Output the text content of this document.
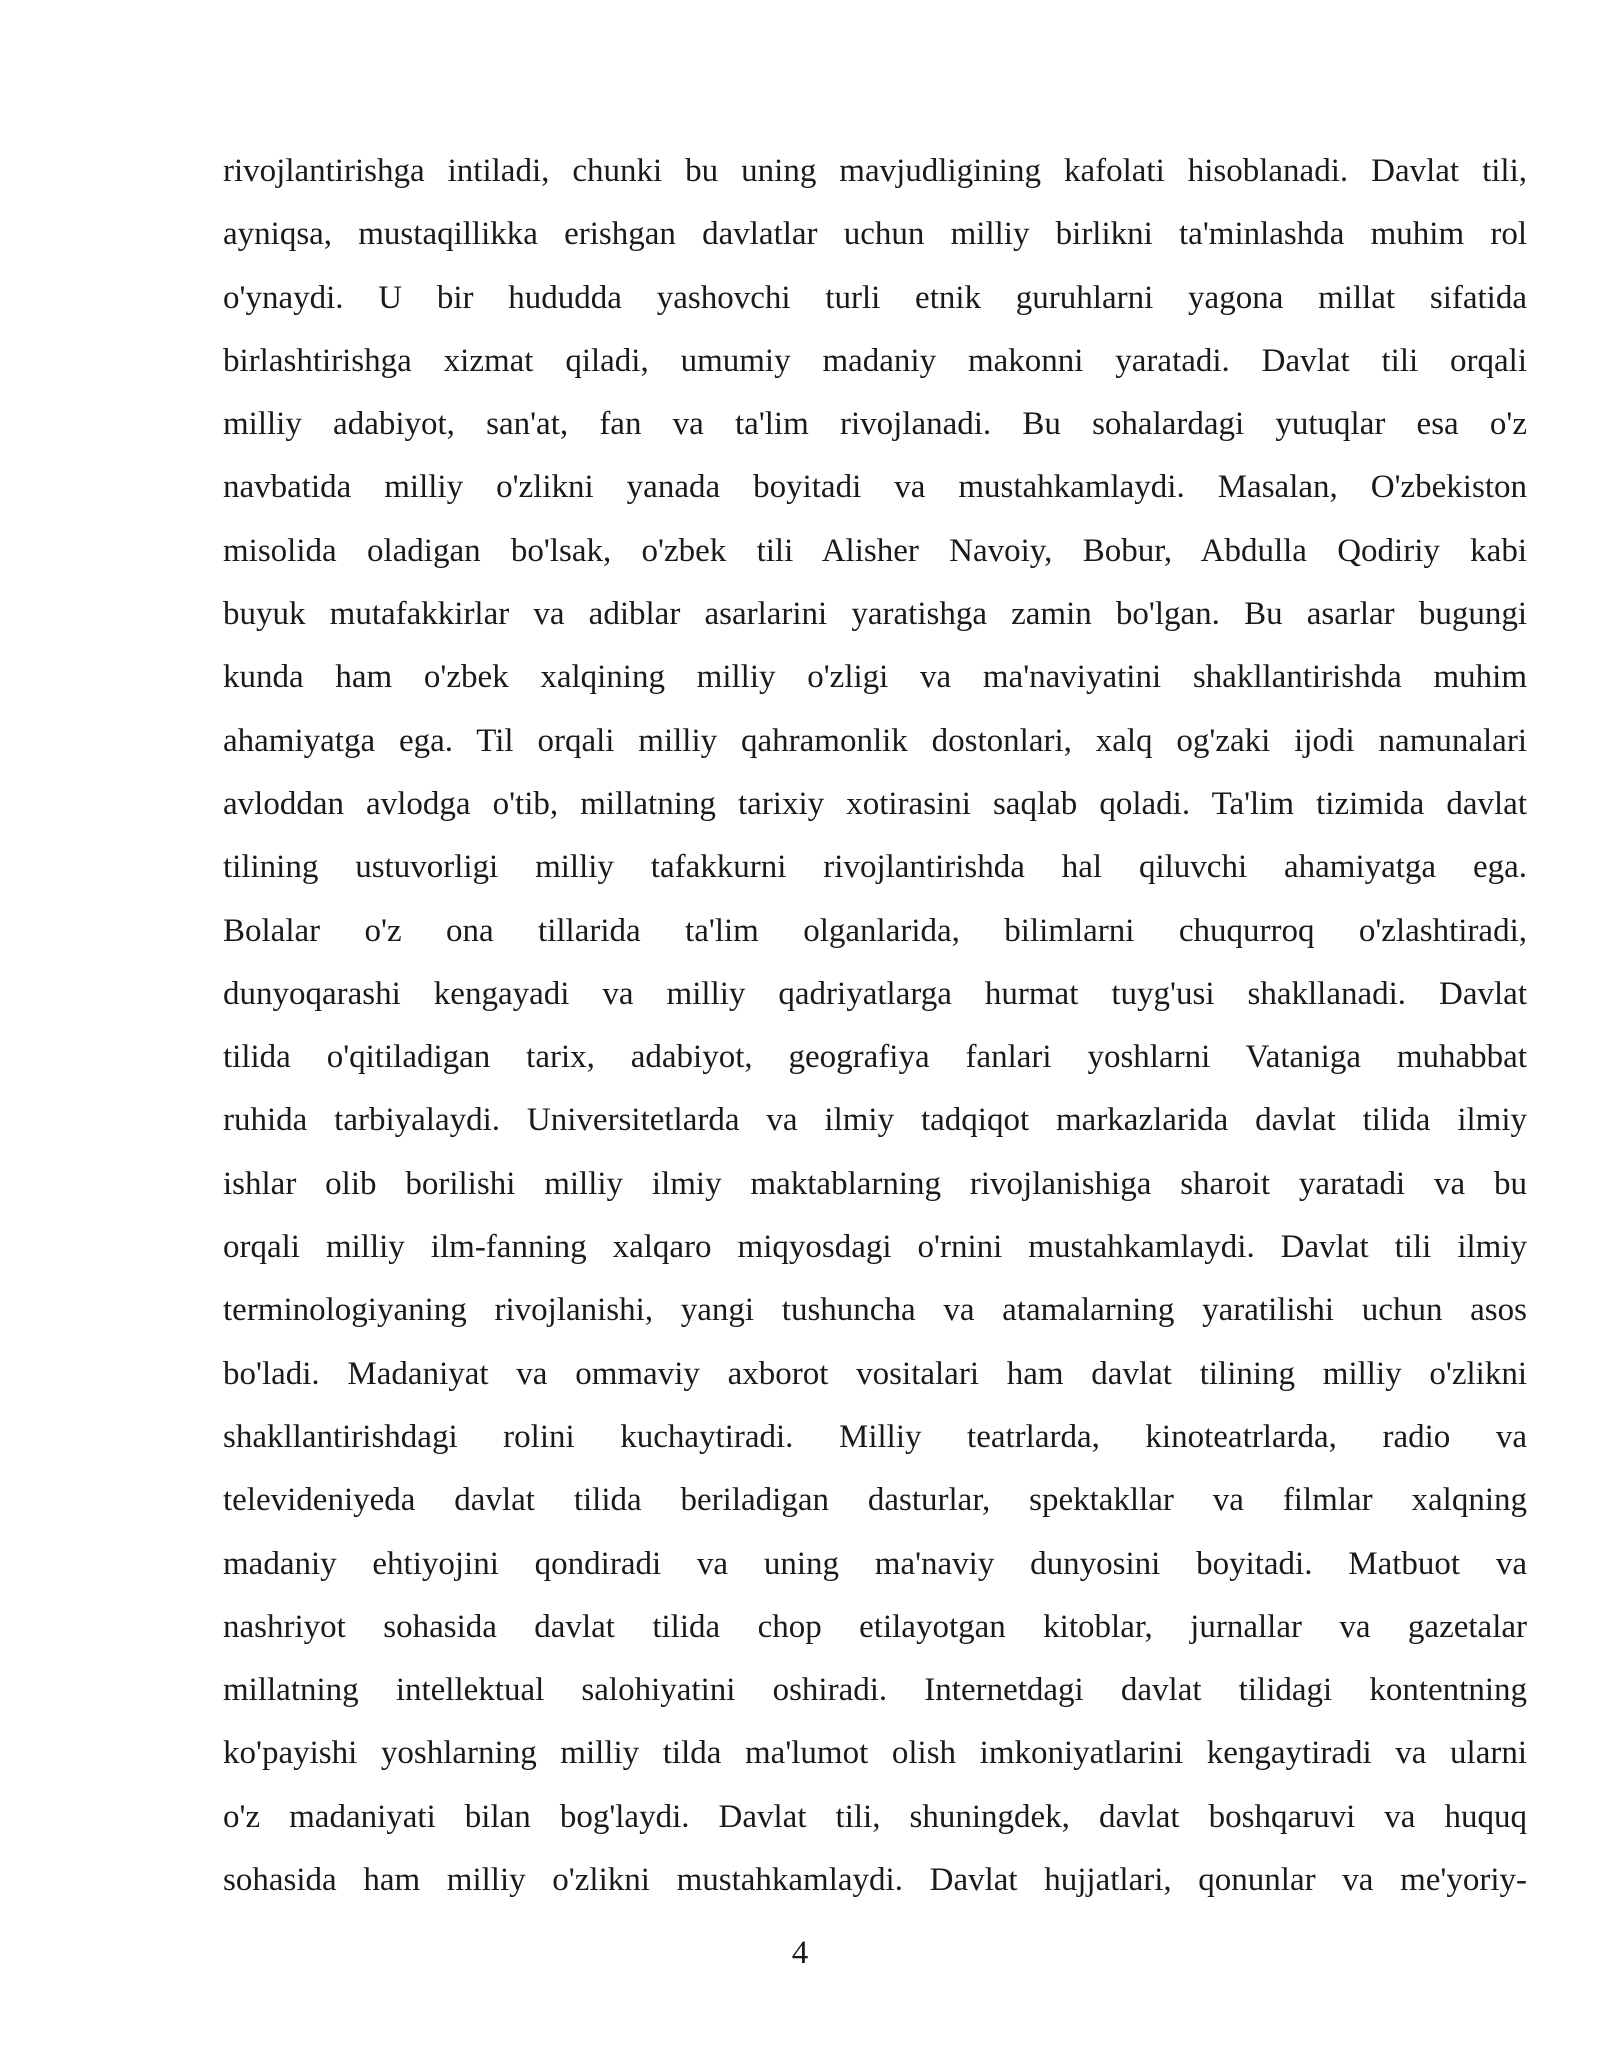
rivojlantirishga intiladi, chunki bu uning mavjudligining kafolati hisoblanadi. Davlat tili,
ayniqsa, mustaqillikka erishgan davlatlar uchun milliy birlikni ta'minlashda muhim rol
o'ynaydi. U bir hududda yashovchi turli etnik guruhlarni yagona millat sifatida
birlashtirishga xizmat qiladi, umumiy madaniy makonni yaratadi. Davlat tili orqali
milliy adabiyot, san'at, fan va ta'lim rivojlanadi. Bu sohalardagi yutuqlar esa o'z
navbatida milliy o'zlikni yanada boyitadi va mustahkamlaydi. Masalan, O'zbekiston
misolida oladigan bo'lsak, o'zbek tili Alisher Navoiy, Bobur, Abdulla Qodiriy kabi
buyuk mutafakkirlar va adiblar asarlarini yaratishga zamin bo'lgan. Bu asarlar bugungi
kunda ham o'zbek xalqining milliy o'zligi va ma'naviyatini shakllantirishda muhim
ahamiyatga ega. Til orqali milliy qahramonlik dostonlari, xalq og'zaki ijodi namunalari
avloddan avlodga o'tib, millatning tarixiy xotirasini saqlab qoladi. Ta'lim tizimida davlat
tilining ustuvorligi milliy tafakkurni rivojlantirishda hal qiluvchi ahamiyatga ega.
Bolalar o'z ona tillarida ta'lim olganlarida, bilimlarni chuqurroq o'zlashtiradi,
dunyoqarashi kengayadi va milliy qadriyatlarga hurmat tuyg'usi shakllanadi. Davlat
tilida o'qitiladigan tarix, adabiyot, geografiya fanlari yoshlarni Vataniga muhabbat
ruhida tarbiyalaydi. Universitetlarda va ilmiy tadqiqot markazlarida davlat tilida ilmiy
ishlar olib borilishi milliy ilmiy maktablarning rivojlanishiga sharoit yaratadi va bu
orqali milliy ilm-fanning xalqaro miqyosdagi o'rnini mustahkamlaydi. Davlat tili ilmiy
terminologiyaning rivojlanishi, yangi tushuncha va atamalarning yaratilishi uchun asos
bo'ladi. Madaniyat va ommaviy axborot vositalari ham davlat tilining milliy o'zlikni
shakllantirishdagi rolini kuchaytiradi. Milliy teatrlarda, kinoteatrlarda, radio va
televideniyeda davlat tilida beriladigan dasturlar, spektakllar va filmlar xalqning
madaniy ehtiyojini qondiradi va uning ma'naviy dunyosini boyitadi. Matbuot va
nashriyot sohasida davlat tilida chop etilayotgan kitoblar, jurnallar va gazetalar
millatning intellektual salohiyatini oshiradi. Internetdagi davlat tilidagi kontentning
ko'payishi yoshlarning milliy tilda ma'lumot olish imkoniyatlarini kengaytiradi va ularni
o'z madaniyati bilan bog'laydi. Davlat tili, shuningdek, davlat boshqaruvi va huquq
sohasida ham milliy o'zlikni mustahkamlaydi. Davlat hujjatlari, qonunlar va me'yoriy-
4
